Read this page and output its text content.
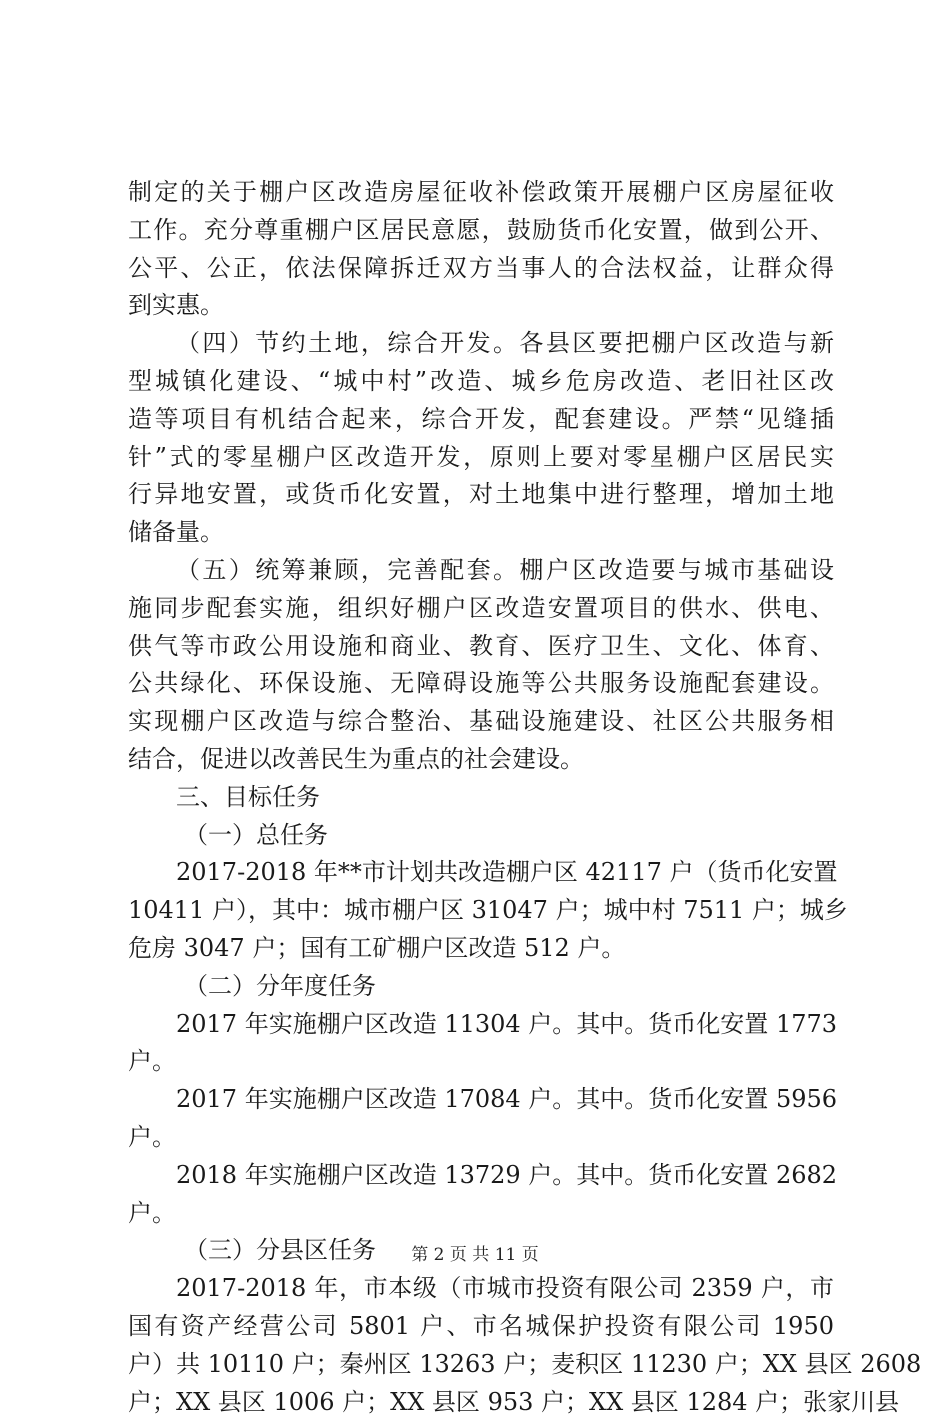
制定的关于棚户区改造房屋征收补偿政策开展棚户区房屋征收
工作。充分尊重棚户区居民意愿，鼓励货币化安置，做到公开、
公平、公正，依法保障拆迁双方当事人的合法权益，让群众得
到实惠。
（四）节约土地，综合开发。各县区要把棚户区改造与新
型城镇化建设、“城中村”改造、城乡危房改造、老旧社区改
造等项目有机结合起来，综合开发，配套建设。严禁“见缝插
针”式的零星棚户区改造开发，原则上要对零星棚户区居民实
行异地安置，或货币化安置，对土地集中进行整理，增加土地
储备量。
（五）统筹兼顾，完善配套。棚户区改造要与城市基础设
施同步配套实施，组织好棚户区改造安置项目的供水、供电、
供气等市政公用设施和商业、教育、医疗卫生、文化、体育、
公共绿化、环保设施、无障碍设施等公共服务设施配套建设。
实现棚户区改造与综合整治、基础设施建设、社区公共服务相
结合，促进以改善民生为重点的社会建设。
三、目标任务
（一）总任务
2017-2018 年**市计划共改造棚户区 42117 户（货币化安置
10411 户），其中：城市棚户区 31047 户；城中村 7511 户；城乡
危房 3047 户；国有工矿棚户区改造 512 户。
（二）分年度任务
2017 年实施棚户区改造 11304 户。其中。货币化安置 1773
户。
2017 年实施棚户区改造 17084 户。其中。货币化安置 5956
户。
2018 年实施棚户区改造 13729 户。其中。货币化安置 2682
户。
（三）分县区任务
2017-2018 年，市本级（市城市投资有限公司 2359 户，市
国有资产经营公司 5801 户、市名城保护投资有限公司 1950
户）共 10110 户；秦州区 13263 户；麦积区 11230 户；XX 县区 2608
户；XX 县区 1006 户；XX 县区 953 户；XX 县区 1284 户；张家川县
第 2 页 共 11 页
